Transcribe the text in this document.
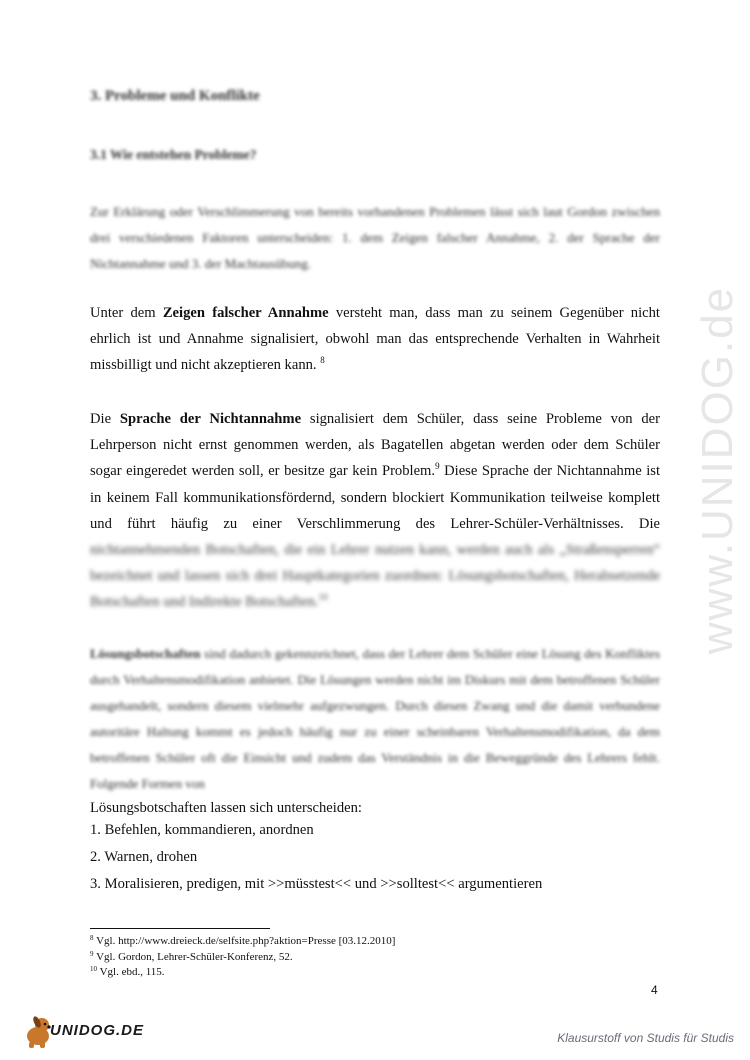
www.UNIDOG.de
3. Probleme und Konflikte
3.1 Wie entstehen Probleme?

Zur Erklärung oder Verschlimmerung von bereits vorhandenen Problemen lässt sich laut Gordon zwischen drei verschiedenen Faktoren unterscheiden: 1. dem Zeigen falscher Annahme, 2. der Sprache der Nichtannahme und 3. der Machtausübung.

Unter dem Zeigen falscher Annahme versteht man, dass man zu seinem Gegenüber nicht ehrlich ist und Annahme signalisiert, obwohl man das entsprechende Verhalten in Wahrheit missbilligt und nicht akzeptieren kann. $^8$

Die Sprache der Nichtannahme signalisiert dem Schüler, dass seine Probleme von der Lehrperson nicht ernst genommen werden, als Bagatellen abgetan werden oder dem Schüler sogar eingeredet werden soll, er besitze gar kein Problem.$^9$ Diese Sprache der Nichtannahme ist in keinem Fall kommunikationsfördernd, sondern blockiert Kommunikation teilweise komplett und führt häufig zu einer Verschlimmerung des Lehrer-Schüler-Verhältnisses. Die nichtannehmenden Botschaften, die ein Lehrer nutzen kann, werden auch als „Straßensperren“ bezeichnet und lassen sich drei Hauptkategorien zuordnen: Lösungsbotschaften, Herabsetzende Botschaften und Indirekte Botschaften.$^{10}$

Lösungsbotschaften sind dadurch gekennzeichnet, dass der Lehrer dem Schüler eine Lösung des Konfliktes durch Verhaltensmodifikation anbietet. Die Lösungen werden nicht im Diskurs mit dem betroffenen Schüler ausgehandelt, sondern diesem vielmehr aufgezwungen. Durch diesen Zwang und die damit verbundene autoritäre Haltung kommt es jedoch häufig nur zu einer scheinbaren Verhaltensmodifikation, da dem betroffenen Schüler oft die Einsicht und zudem das Verständnis in die Beweggründe des Lehrers fehlt. Folgende Formen von

Lösungsbotschaften lassen sich unterscheiden:

1. Befehlen, kommandieren, anordnen

2. Warnen, drohen

3. Moralisieren, predigen, mit >>müsstest<< und >>solltest<< argumentieren

$^8$ Vgl. http://www.dreieck.de/selfsite.php?aktion=Presse [03.12.2010]

$^9$ Vgl. Gordon, Lehrer-Schüler-Konferenz, 52.

$^{10}$ Vgl. ebd., 115.

4

UNIDOG.DE	Klausurstoff von Studis für Studis
